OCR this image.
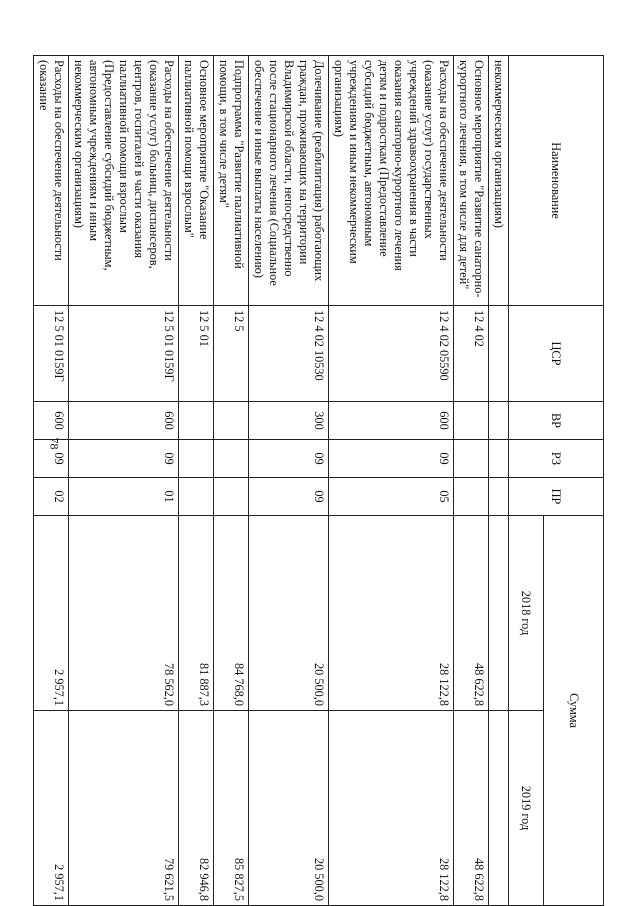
78
Наименование	ЦСР	ВР	РЗ	ПР	Сумма	
					2018 год	2019 год
некоммерческим организациям)						
Основное мероприятие "Развитие санаторно-курортного лечения, в том числе для детей"	12 4 02				48 622,8	48 622,8
Расходы на обеспечение деятельности (оказание услуг) государственных учреждений здравоохранения в части оказания санаторно-курортного лечения детям и подросткам (Предоставление субсидий бюджетным, автономным учреждениям и иным некоммерческим организациям)	12 4 02 05590	600	09	05	28 122,8	28 122,8
Долечивание (реабилитация) работающих граждан, проживающих на территории Владимирской области, непосредственно после стационарного лечения (Социальное обеспечение и иные выплаты населению)	12 4 02 10530	300	09	09	20 500,0	20 500,0
Подпрограмма "Развитие паллиативной помощи, в том числе детям"	12 5				84 768,0	85 827,5
Основное мероприятие "Оказание паллиативной помощи взрослым"	12 5 01				81 887,3	82 946,8
Расходы на обеспечение деятельности (оказание услуг) больниц, диспансеров, центров, госпиталей в части оказания паллиативной помощи взрослым (Предоставление субсидий бюджетным, автономным учреждениям и иным некоммерческим организациям)	12 5 01 0159Г	600	09	01	78 562,0	79 621,5
Расходы на обеспечение деятельности (оказание	12 5 01 0159Г	600	09	02	2 957,1	2 957,1
